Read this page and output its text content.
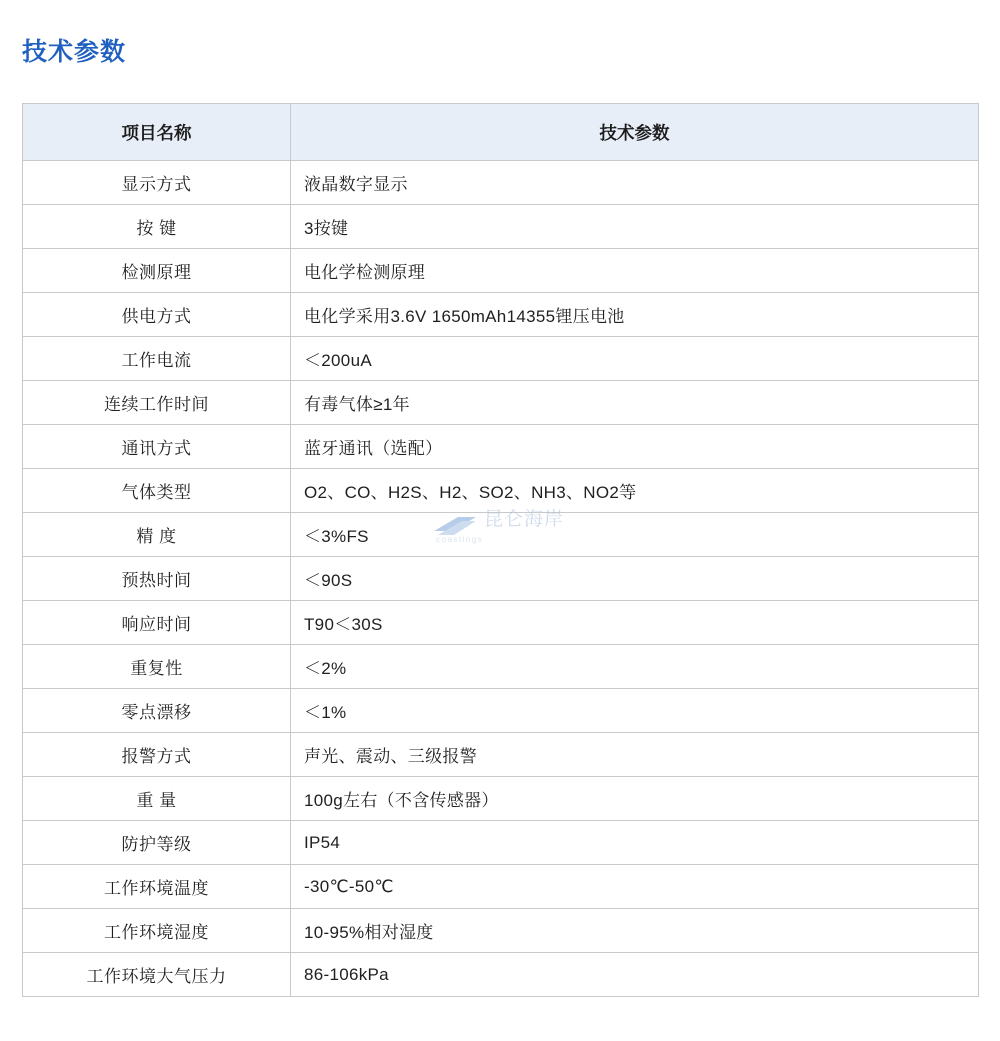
技术参数
项目名称	技术参数
显示方式	液晶数字显示
按 键	3按键
检测原理	电化学检测原理
供电方式	电化学采用3.6V 1650mAh14355锂压电池
工作电流	＜200uA
连续工作时间	有毒气体≥1年
通讯方式	蓝牙通讯（选配）
气体类型	O2、CO、H2S、H2、SO2、NH3、NO2等
精 度	＜3%FS
预热时间	＜90S
响应时间	T90＜30S
重复性	＜2%
零点漂移	＜1%
报警方式	声光、震动、三级报警
重 量	100g左右（不含传感器）
防护等级	IP54
工作环境温度	-30℃-50℃
工作环境湿度	10-95%相对湿度
工作环境大气压力	86-106kPa
昆仑海岸
coastings
